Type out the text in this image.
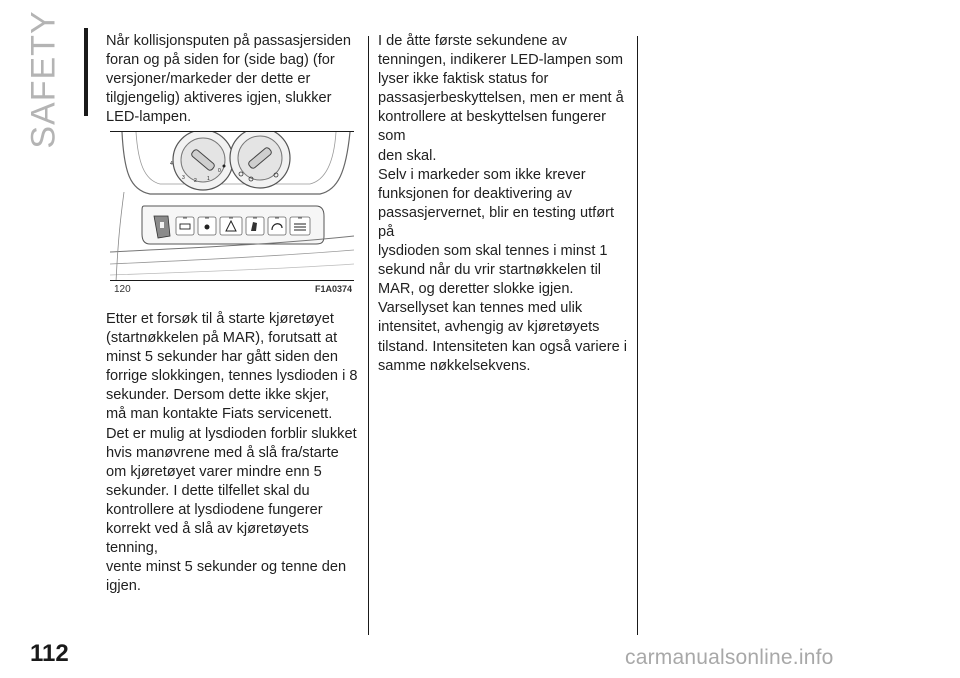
SAFETY	Når kollisjonsputen på passasjersiden

foran og på siden for (side bag) (for

versjoner/markeder der dette er

tilgjengelig) aktiveres igjen, slukker

LED-lampen.

4
3 2 1
0
120	F1A0374

Etter et forsøk til å starte kjøretøyet

(startnøkkelen på MAR), forutsatt at

minst 5 sekunder har gått siden den

forrige slokkingen, tennes lysdioden i 8

sekunder. Dersom dette ikke skjer,

må man kontakte Fiats servicenett.

Det er mulig at lysdioden forblir slukket

hvis manøvrene med å slå fra/starte

om kjøretøyet varer mindre enn 5

sekunder. I dette tilfellet skal du

kontrollere at lysdiodene fungerer

korrekt ved å slå av kjøretøyets tenning,

vente minst 5 sekunder og tenne den

igjen.

I de åtte første sekundene av

tenningen, indikerer LED-lampen som

lyser ikke faktisk status for

passasjerbeskyttelsen, men er ment å

kontrollere at beskyttelsen fungerer som

den skal.

Selv i markeder som ikke krever

funksjonen for deaktivering av

passasjervernet, blir en testing utført på

lysdioden som skal tennes i minst 1

sekund når du vrir startnøkkelen til

MAR, og deretter slokke igjen.

Varsellyset kan tennes med ulik

intensitet, avhengig av kjøretøyets

tilstand. Intensiteten kan også variere i

samme nøkkelsekvens.

112	carmanualsonline.info
